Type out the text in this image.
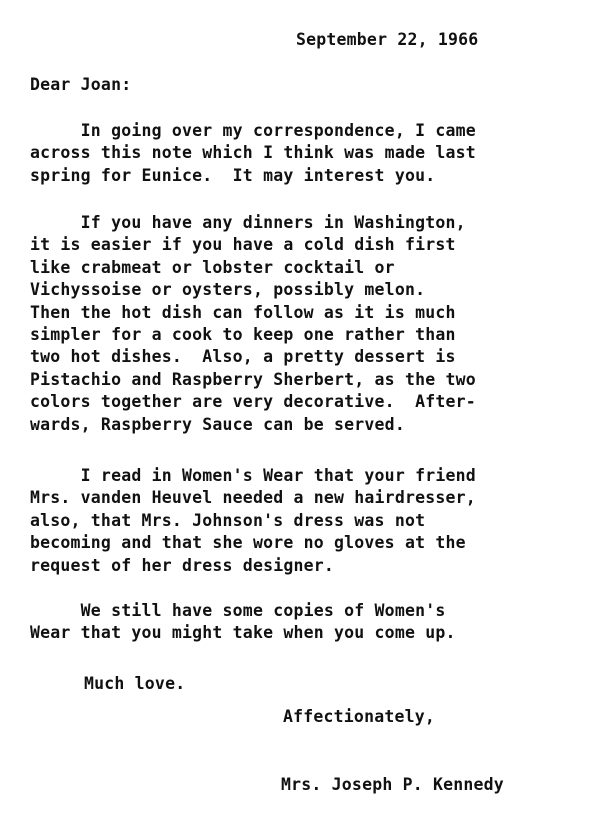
September 22, 1966
Dear Joan:
In going over my correspondence, I came
across this note which I think was made last
spring for Eunice.  It may interest you.
If you have any dinners in Washington,
it is easier if you have a cold dish first
like crabmeat or lobster cocktail or
Vichyssoise or oysters, possibly melon.
Then the hot dish can follow as it is much
simpler for a cook to keep one rather than
two hot dishes.  Also, a pretty dessert is
Pistachio and Raspberry Sherbert, as the two
colors together are very decorative.  After-
wards, Raspberry Sauce can be served.
I read in Women's Wear that your friend
Mrs. vanden Heuvel needed a new hairdresser,
also, that Mrs. Johnson's dress was not
becoming and that she wore no gloves at the
request of her dress designer.
We still have some copies of Women's
Wear that you might take when you come up.
Much love.
Affectionately,
Mrs. Joseph P. Kennedy
